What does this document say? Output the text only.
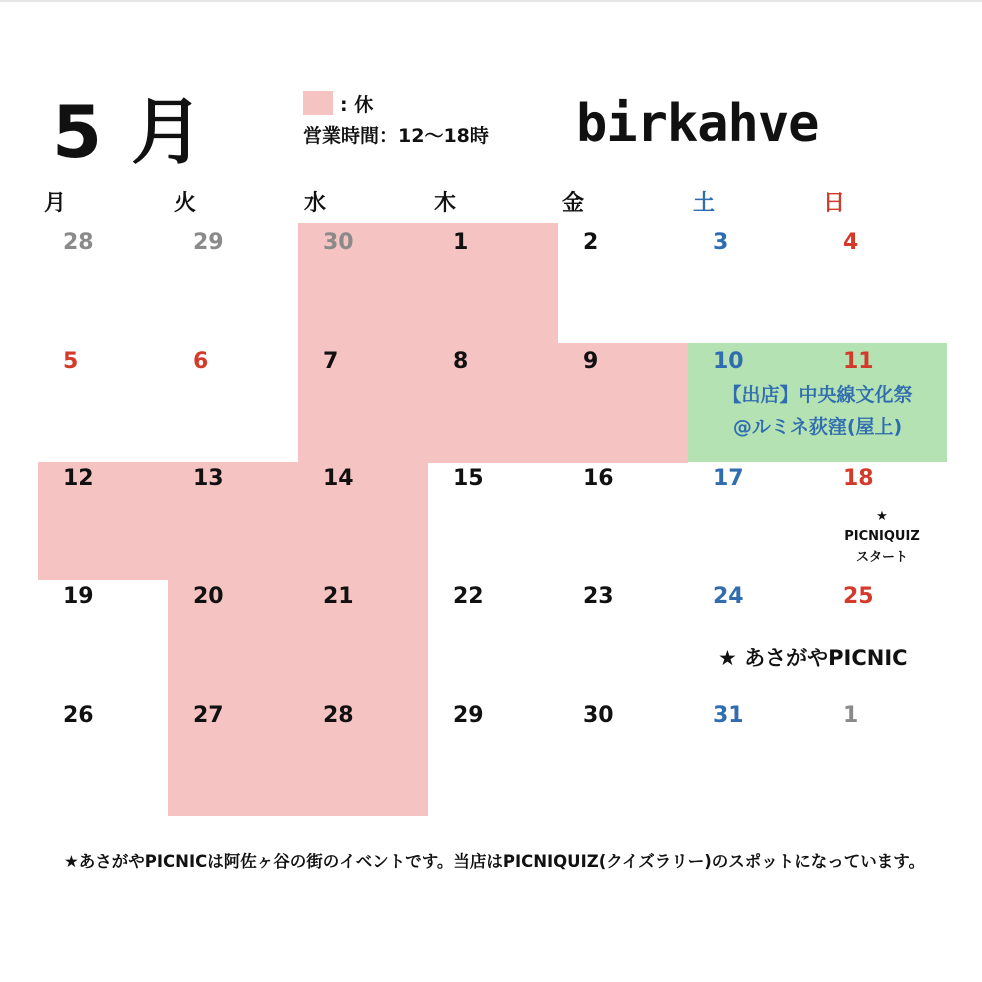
5 月	: 休
営業時間：12〜18時 birkahve
月	火	水	木	金	土	日
28	29	30	1	2	3	4
5	6	7	8	9	10	11
【出店】中央線文化祭
@ルミネ荻窪(屋上)
12	13	14	15	16	17	18
★
PICNIQUIZ
スタート
19	20	21	22	23	24	25
★ あさがやPICNIC
26	27	28	29	30	31	1
★あさがやPICNICは阿佐ヶ谷の街のイベントです。当店はPICNIQUIZ(クイズラリー)のスポットになっています。
